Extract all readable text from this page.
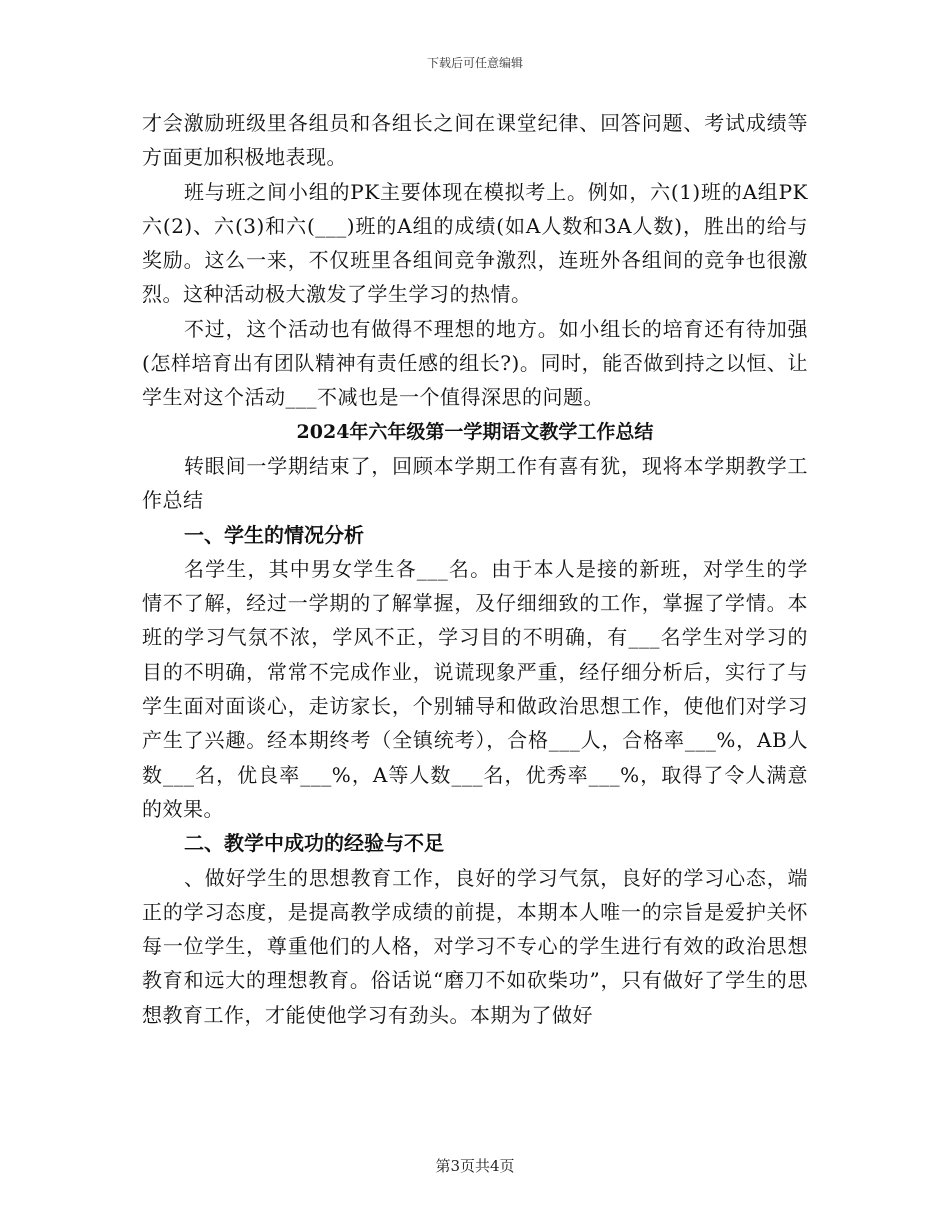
下载后可任意编辑

才会激励班级里各组员和各组长之间在课堂纪律、回答问题、考试成绩等方面更加积极地表现。

班与班之间小组的PK主要体现在模拟考上。例如，六(1)班的A组PK六(2)、六(3)和六(___)班的A组的成绩(如A人数和3A人数)，胜出的给与奖励。这么一来，不仅班里各组间竞争激烈，连班外各组间的竞争也很激烈。这种活动极大激发了学生学习的热情。

不过，这个活动也有做得不理想的地方。如小组长的培育还有待加强(怎样培育出有团队精神有责任感的组长?)。同时，能否做到持之以恒、让学生对这个活动___不减也是一个值得深思的问题。

2024年六年级第一学期语文教学工作总结

转眼间一学期结束了，回顾本学期工作有喜有犹，现将本学期教学工作总结

一、学生的情况分析

名学生，其中男女学生各___名。由于本人是接的新班，对学生的学情不了解，经过一学期的了解掌握，及仔细细致的工作，掌握了学情。本班的学习气氛不浓，学风不正，学习目的不明确，有___名学生对学习的目的不明确，常常不完成作业，说谎现象严重，经仔细分析后，实行了与学生面对面谈心，走访家长，个别辅导和做政治思想工作，使他们对学习产生了兴趣。经本期终考（全镇统考），合格___人，合格率___%，AB人数___名，优良率___%，A等人数___名，优秀率___%，取得了令人满意的效果。

二、教学中成功的经验与不足

、做好学生的思想教育工作，良好的学习气氛，良好的学习心态，端正的学习态度，是提高教学成绩的前提，本期本人唯一的宗旨是爱护关怀每一位学生，尊重他们的人格，对学习不专心的学生进行有效的政治思想教育和远大的理想教育。俗话说“磨刀不如砍柴功”，只有做好了学生的思想教育工作，才能使他学习有劲头。本期为了做好

第3页共4页
